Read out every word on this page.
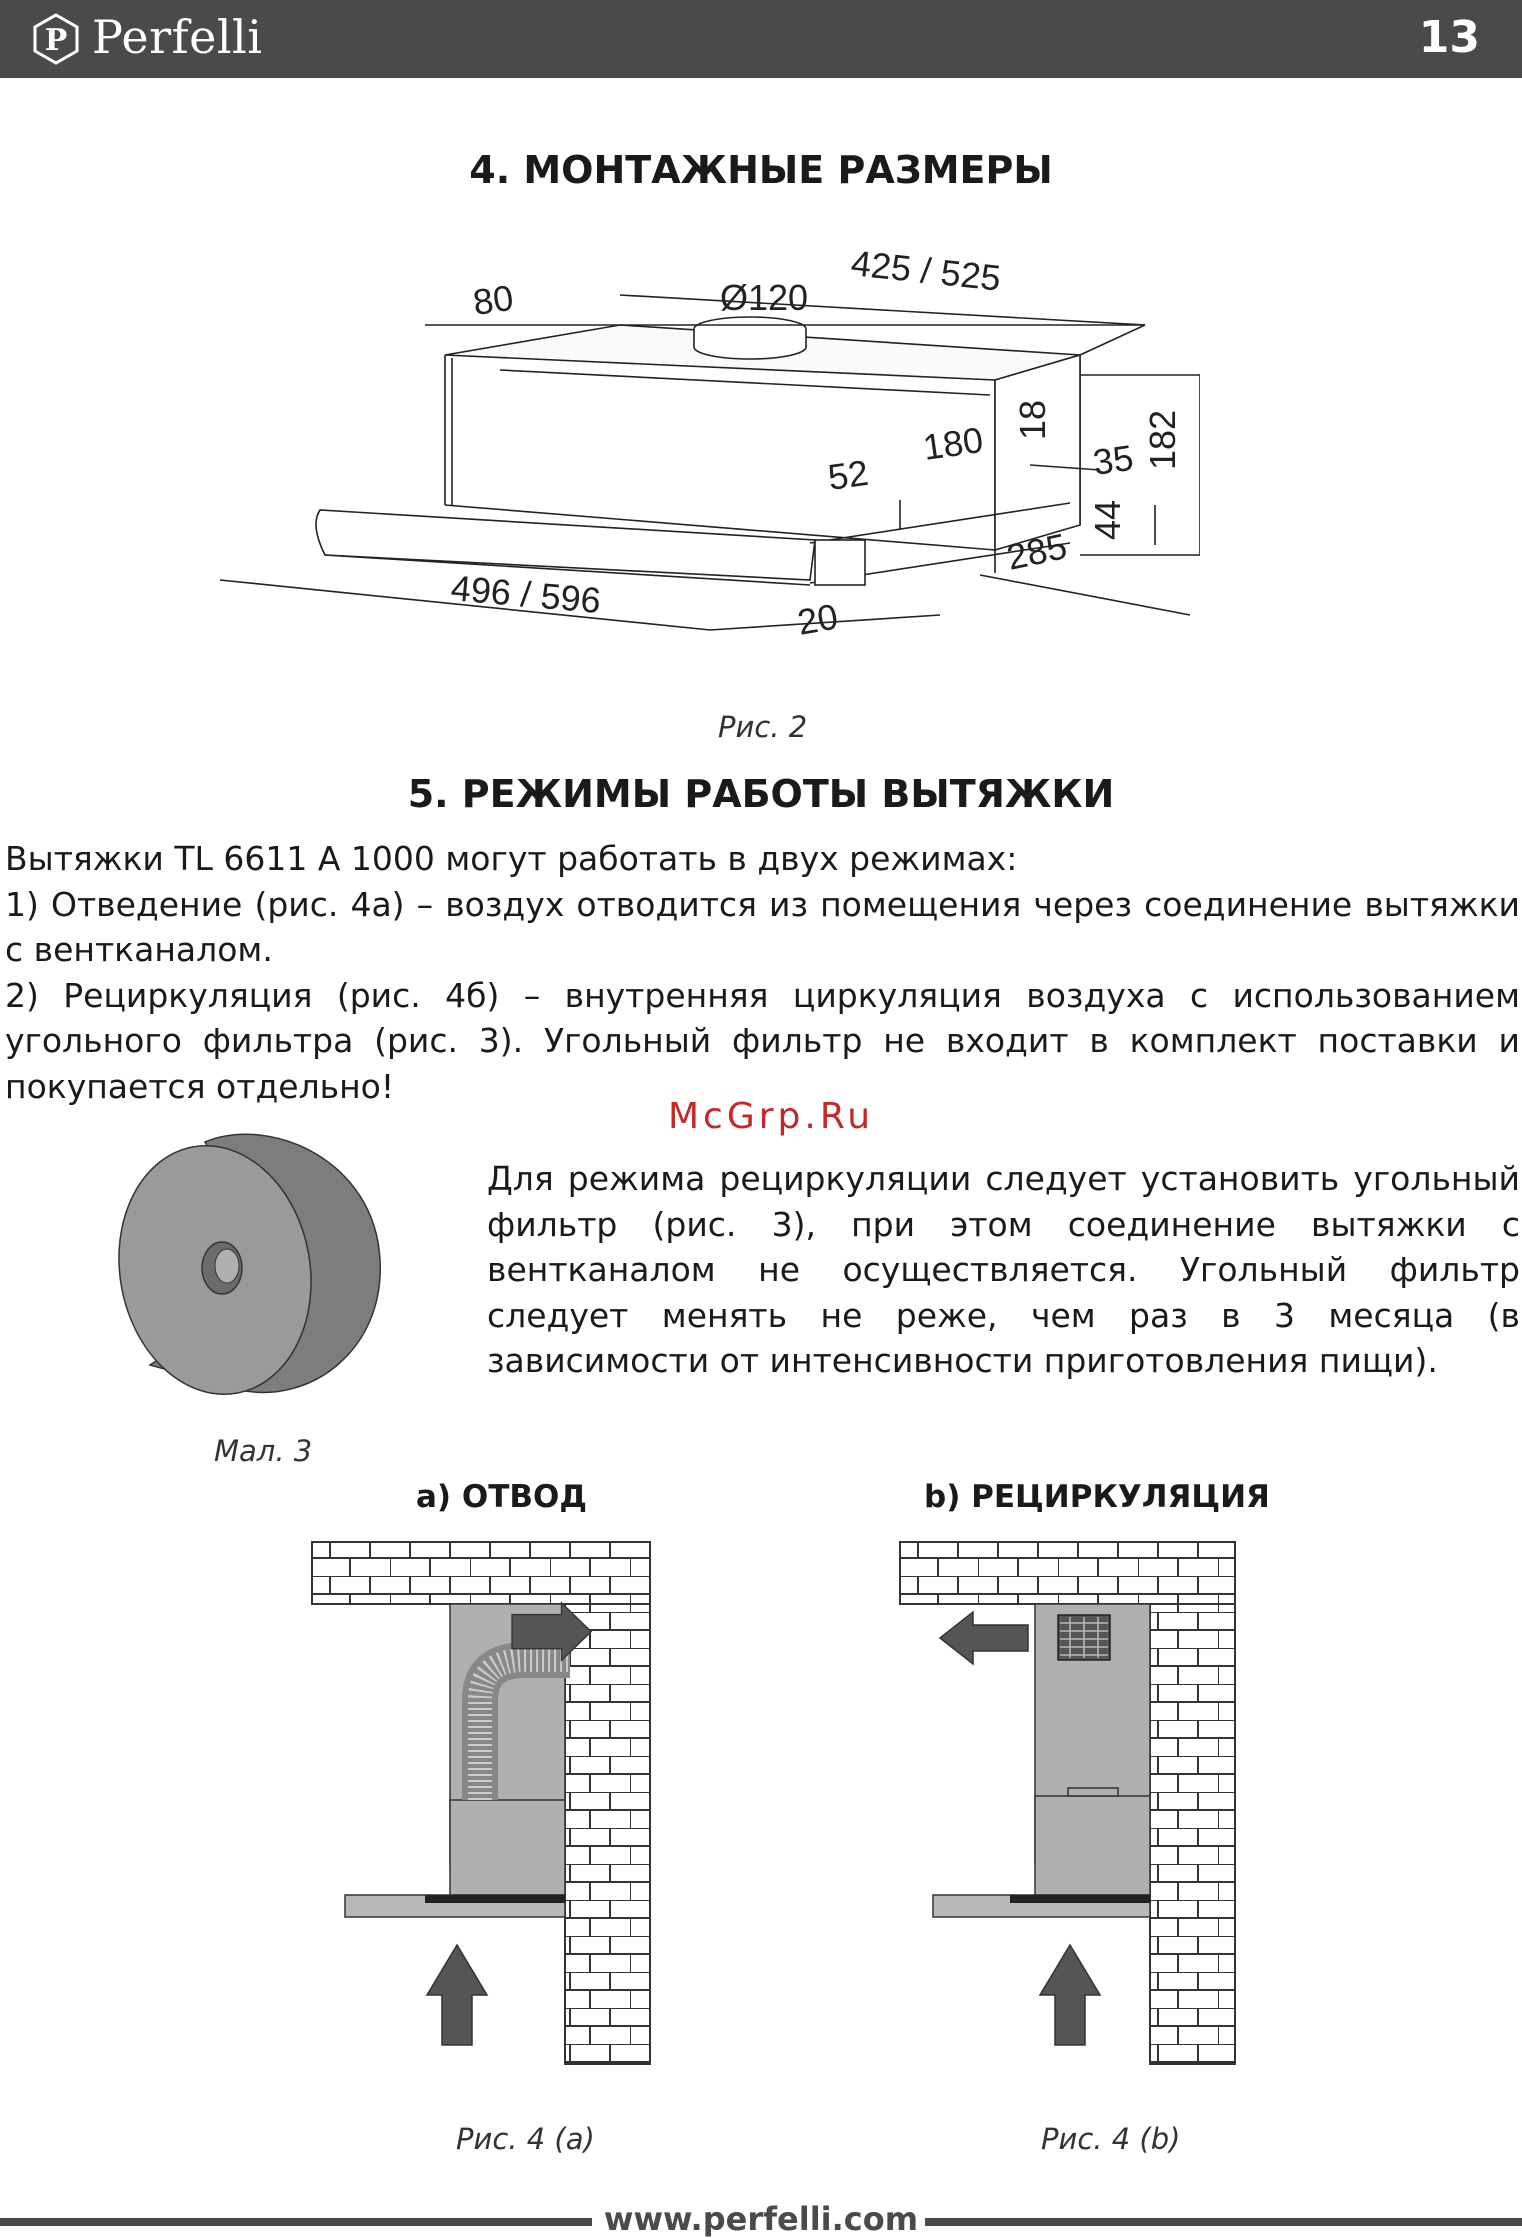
P Perfelli	13
4. МОНТАЖНЫЕ РАЗМЕРЫ
425 / 525
80	Ø120
180 18
52	35 182
44
285
496 / 596	20
Рис. 2
5. РЕЖИМЫ РАБОТЫ ВЫТЯЖКИ

Вытяжки TL 6611 A 1000 могут работать в двух режимах:

1) Отведение (рис. 4а) – воздух отводится из помещения через соединение вытяжки с вентканалом.

2) Рециркуляция (рис. 4б) – внутренняя циркуляция воздуха с использованием угольного фильтра (рис. 3). Угольный фильтр не входит в комплект поставки и покупается отдельно!

McGrp.Ru
Мал. 3
Для режима рециркуляции следует установить угольный фильтр (рис. 3), при этом соединение вытяжки с вентканалом не осуществляется. Угольный фильтр следует менять не реже, чем раз в 3 месяца (в зависимости от интенсивности приготовления пищи).
a) ОТВОД	b) РЕЦИРКУЛЯЦИЯ
Рис. 4 (a)	Рис. 4 (b)
www.perfelli.com
